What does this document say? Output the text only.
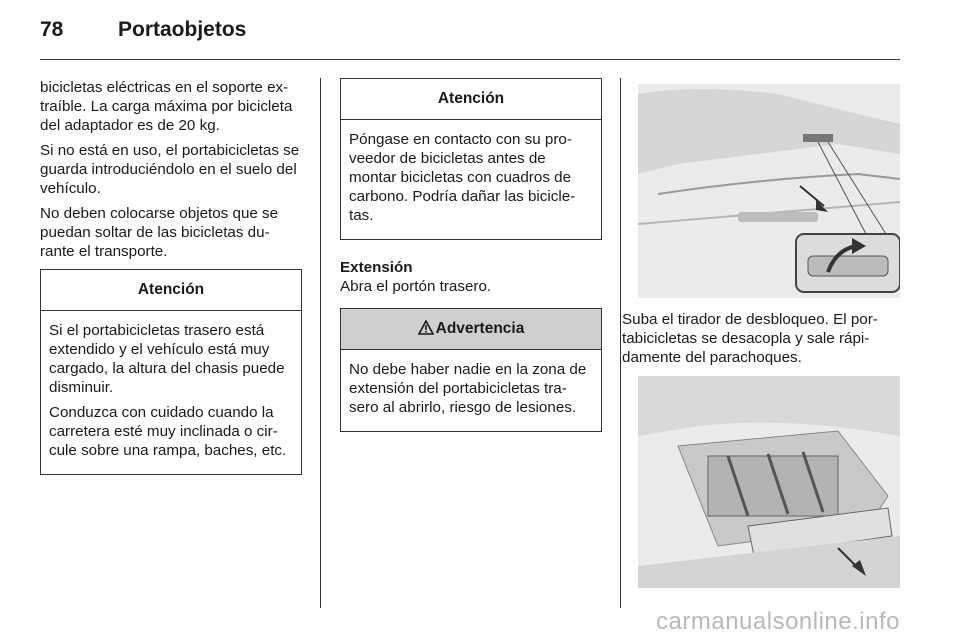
78	Portaobjetos

bicicletas eléctricas en el soporte ex-traíble. La carga máxima por bicicleta del adaptador es de 20 kg.

Si no está en uso, el portabicicletas se guarda introduciéndolo en el suelo del vehículo.

No deben colocarse objetos que se puedan soltar de las bicicletas du-rante el transporte.

Atención

Si el portabicicletas trasero está extendido y el vehículo está muy cargado, la altura del chasis puede disminuir.

Conduzca con cuidado cuando la carretera esté muy inclinada o cir-cule sobre una rampa, baches, etc.

Atención

Póngase en contacto con su pro-veedor de bicicletas antes de montar bicicletas con cuadros de carbono. Podría dañar las bicicle-tas.

Extensión
Abra el portón trasero.
Advertencia

No debe haber nadie en la zona de extensión del portabicicletas tra-sero al abrirlo, riesgo de lesiones.

Suba el tirador de desbloqueo. El por-tabicicletas se desacopla y sale rápi-damente del parachoques.
carmanualsonline.info
